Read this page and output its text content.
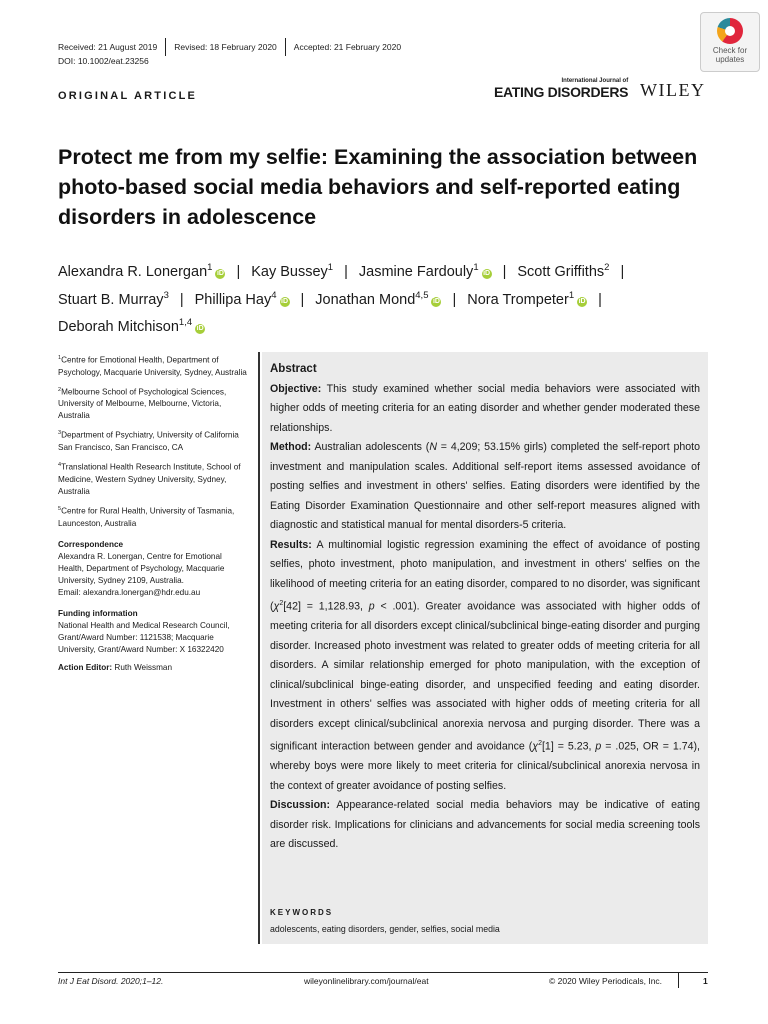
Received: 21 August 2019 Revised: 18 February 2020 Accepted: 21 February 2020
DOI: 10.1002/eat.23256
Check for updates
ORIGINAL ARTICLE
International Journal of
EATING DISORDERS WILEY
Protect me from my selfie: Examining the association between photo-based social media behaviors and self-reported eating disorders in adolescence
Alexandra R. Lonergan$^1$iD | Kay Bussey$^1$ | Jasmine Fardouly$^1$iD | Scott Griffiths$^2$ |
Stuart B. Murray$^3$ | Phillipa Hay$^4$iD | Jonathan Mond$^{4,5}$iD | Nora Trompeter$^1$iD |
Deborah Mitchison$^{1,4}$iD
$^1$Centre for Emotional Health, Department of Psychology, Macquarie University, Sydney, Australia
$^2$Melbourne School of Psychological Sciences, University of Melbourne, Melbourne, Victoria, Australia
$^3$Department of Psychiatry, University of California San Francisco, San Francisco, CA
$^4$Translational Health Research Institute, School of Medicine, Western Sydney University, Sydney, Australia
$^5$Centre for Rural Health, University of Tasmania, Launceston, Australia
Correspondence
Alexandra R. Lonergan, Centre for Emotional Health, Department of Psychology, Macquarie University, Sydney 2109, Australia.
Email: alexandra.lonergan@hdr.edu.au
Funding information
National Health and Medical Research Council, Grant/Award Number: 1121538; Macquarie University, Grant/Award Number: X 16322420
Action Editor: Ruth Weissman
Abstract
Objective: This study examined whether social media behaviors were associated with higher odds of meeting criteria for an eating disorder and whether gender moderated these relationships.
Method: Australian adolescents (N = 4,209; 53.15% girls) completed the self-report photo investment and manipulation scales. Additional self-report items assessed avoidance of posting selfies and investment in others' selfies. Eating disorders were identified by the Eating Disorder Examination Questionnaire and other self-report measures aligned with diagnostic and statistical manual for mental disorders-5 criteria.
Results: A multinomial logistic regression examining the effect of avoidance of posting selfies, photo investment, photo manipulation, and investment in others' selfies on the likelihood of meeting criteria for an eating disorder, compared to no disorder, was significant ($\chi^2[42] = 1,128.93$, p < .001). Greater avoidance was associated with higher odds of meeting criteria for all disorders except clinical/subclinical binge-eating disorder and purging disorder. Increased photo investment was related to greater odds of meeting criteria for all disorders. A similar relationship emerged for photo manipulation, with the exception of clinical/subclinical binge-eating disorder, and unspecified feeding and eating disorder. Investment in others' selfies was associated with higher odds of meeting criteria for all disorders except clinical/subclinical anorexia nervosa and purging disorder. There was a significant interaction between gender and avoidance ($\chi^2[1] = 5.23$, p = .025, OR = 1.74), whereby boys were more likely to meet criteria for clinical/subclinical anorexia nervosa in the context of greater avoidance of posting selfies.
Discussion: Appearance-related social media behaviors may be indicative of eating disorder risk. Implications for clinicians and advancements for social media screening tools are discussed.
KEYWORDS
adolescents, eating disorders, gender, selfies, social media
Int J Eat Disord. 2020;1–12.	wileyonlinelibrary.com/journal/eat	© 2020 Wiley Periodicals, Inc.	1
